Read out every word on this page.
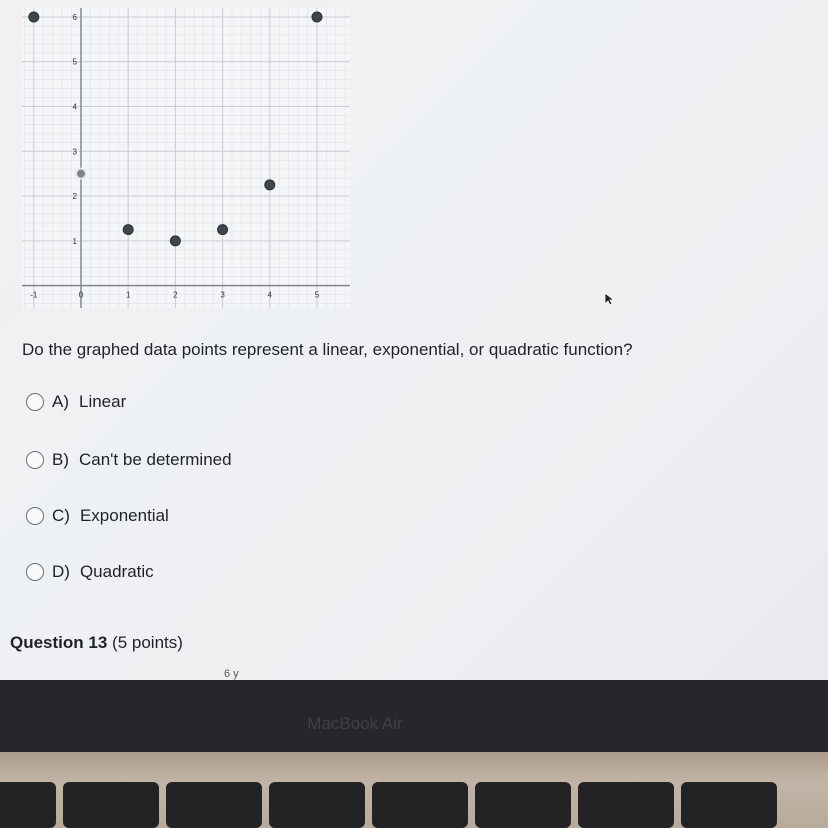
-1	0	1	2	3	4	5
1
2
3
4
5
6
Do the graphed data points represent a linear, exponential, or quadratic function?
A) Linear
B) Can't be determined
C) Exponential
D) Quadratic
Question 13 (5 points)
6 y
MacBook Air
